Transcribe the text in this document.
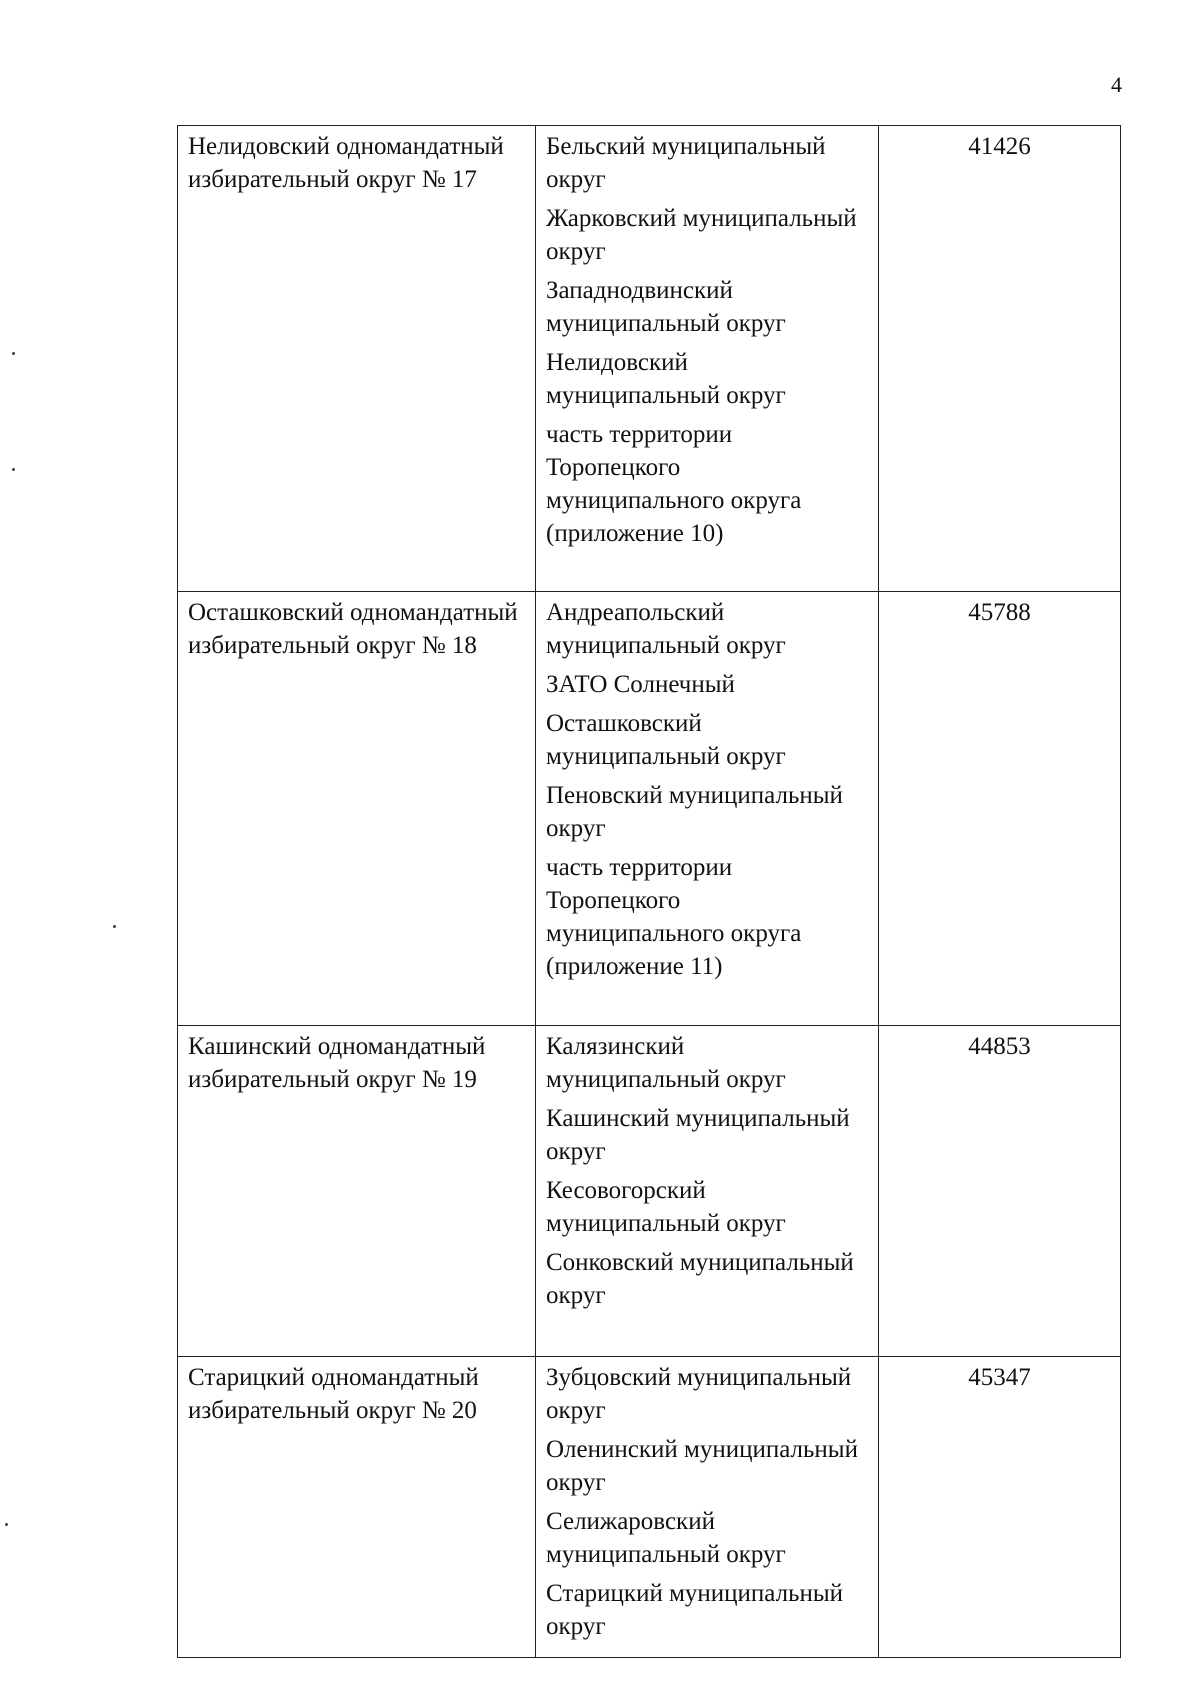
4
Нелидовский одномандатный избирательный округ № 17	Бельский муниципальный округ
Жарковский муниципальный округ
Западнодвинский муниципальный округ
Нелидовский муниципальный округ
часть территории Торопецкого муниципального округа (приложение 10)	41426

Осташковский одномандатный избирательный округ № 18	Андреапольский муниципальный округ
ЗАТО Солнечный
Осташковский муниципальный округ
Пеновский муниципальный округ
часть территории Торопецкого муниципального округа (приложение 11)	45788

Кашинский одномандатный избирательный округ № 19	Калязинский муниципальный округ
Кашинский муниципальный округ
Кесовогорский муниципальный округ
Сонковский муниципальный округ	44853

Старицкий одномандатный избирательный округ № 20	Зубцовский муниципальный округ
Оленинский муниципальный округ
Селижаровский муниципальный округ
Старицкий муниципальный округ	45347
